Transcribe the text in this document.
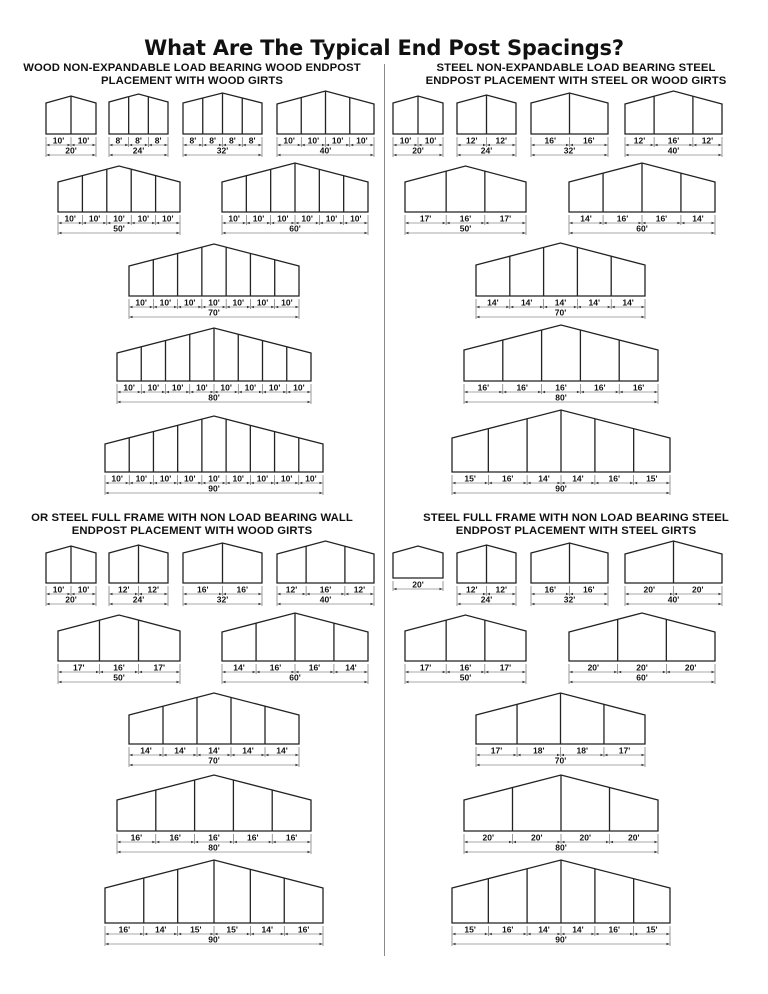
What Are The Typical End Post Spacings?
WOOD NON-EXPANDABLE LOAD BEARING WOOD ENDPOST
PLACEMENT WITH WOOD GIRTS
STEEL NON-EXPANDABLE LOAD BEARING STEEL
ENDPOST PLACEMENT WITH STEEL OR WOOD GIRTS
OR STEEL FULL FRAME WITH NON LOAD BEARING WALL
ENDPOST PLACEMENT WITH WOOD GIRTS
STEEL FULL FRAME WITH NON LOAD BEARING STEEL
ENDPOST PLACEMENT WITH STEEL GIRTS
10' 10'
20'
8' 8' 8'
24'
8' 8' 8' 8'
32'
10' 10' 10' 10'
40'
10' 10' 10' 10' 10'
50'
10' 10' 10' 10' 10' 10'
60'
10' 10' 10' 10' 10' 10' 10'
70'
10' 10' 10' 10' 10' 10' 10' 10'
80'
10' 10' 10' 10' 10' 10' 10' 10' 10'
90'
10' 10'
20'
12' 12'
24'
16'	16'
32'
12'	16'	12'
40'
17'	16'	17'
50'
14'	16'	16'	14'
60'
14'	14'	14'	14'	14'
70'
16'	16'	16'	16'	16'
80'
15'	16'	14'	14'	16'	15'
90'
10' 10'
20'
12' 12'
24'
16'	16'
32'
12'	16'	12'
40'
17'	16'	17'
50'
14'	16'	16'	14'
60'
14'	14'	14'	14'	14'
70'
16'	16'	16'	16'	16'
80'
16'	14'	15'	15'	14'	16'
90'
20'	12' 12'
24'
16'	16'
32'
20'	20'
40'
17'	16'	17'
50'
20'	20'	20'
60'
17'	18'	18'	17'
70'
20'	20'	20'	20'
80'
15'	16'	14'	14'	16'	15'
90'
